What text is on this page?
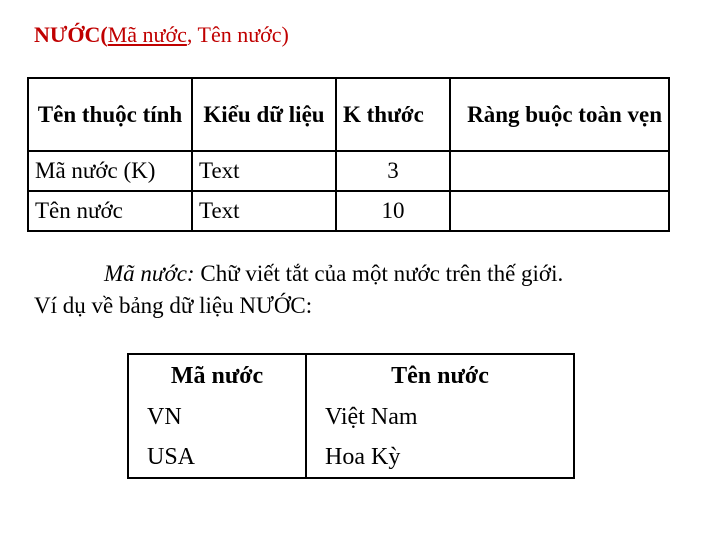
NƯỚC(Mã nước, Tên nước)
Tên thuộc tính	Kiểu dữ liệu	K thước	Ràng buộc toàn vẹn
Mã nước (K)	Text	3	
Tên nước	Text	10	
Mã nước: Chữ viết tắt của một nước trên thế giới.
Ví dụ về bảng dữ liệu NƯỚC:
Mã nước	Tên nước
VN	Việt Nam
USA	Hoa Kỳ
